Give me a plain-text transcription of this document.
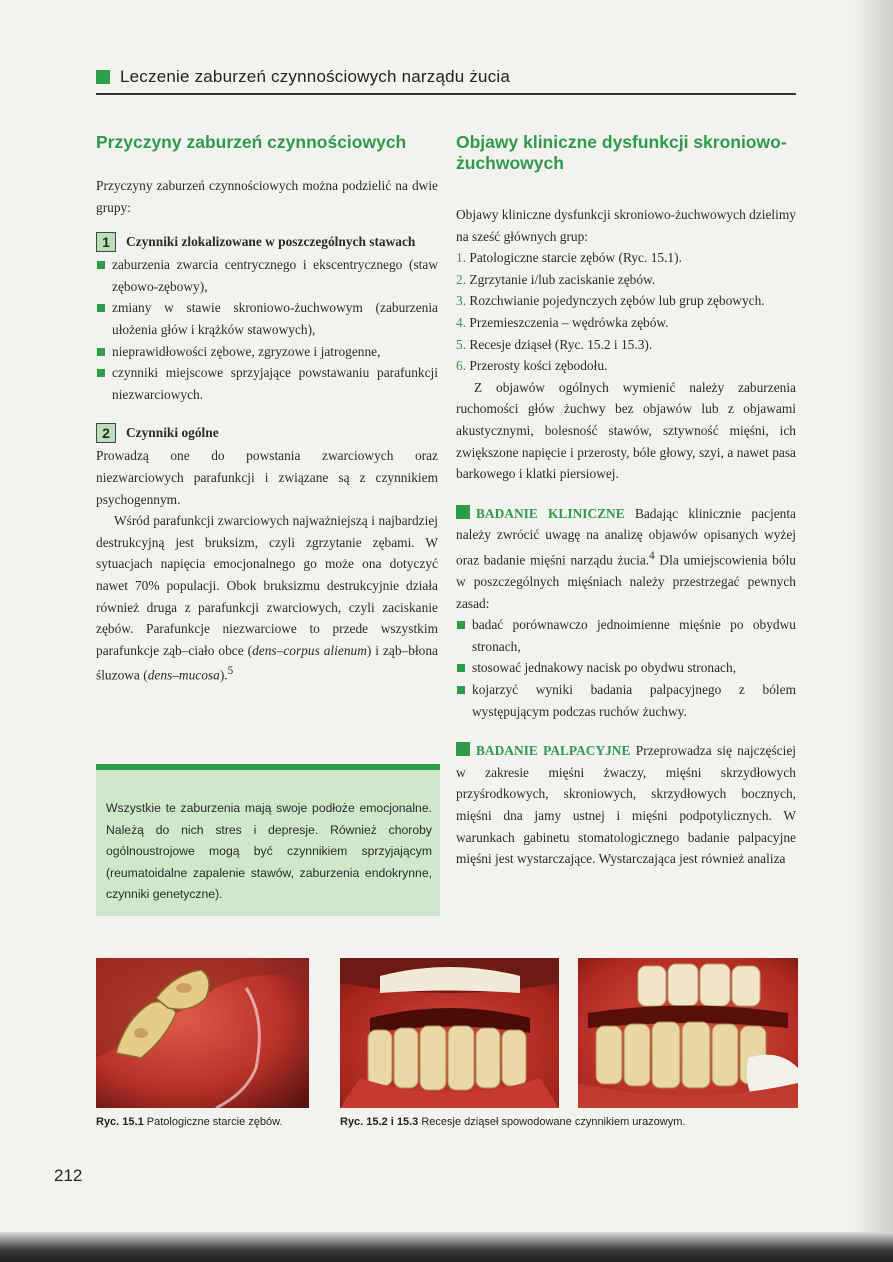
Leczenie zaburzeń czynnościowych narządu żucia
Przyczyny zaburzeń czynnościowych

Przyczyny zaburzeń czynnościowych można podzielić na dwie grupy:

1	Czynniki zlokalizowane w poszczególnych stawach
zaburzenia zwarcia centrycznego i ekscentrycznego (staw zębowo-zębowy),
zmiany w stawie skroniowo-żuchwowym (zaburzenia ułożenia głów i krążków stawowych),
nieprawidłowości zębowe, zgryzowe i jatrogenne,
czynniki miejscowe sprzyjające powstawaniu parafunkcji niezwarciowych.
2	Czynniki ogólne

Prowadzą one do powstania zwarciowych oraz niezwarciowych parafunkcji i związane są z czynnikiem psychogennym.

Wśród parafunkcji zwarciowych najważniejszą i najbardziej destrukcyjną jest bruksizm, czyli zgrzytanie zębami. W sytuacjach napięcia emocjonalnego go może ona dotyczyć nawet 70% populacji. Obok bruksizmu destrukcyjnie działa również druga z parafunkcji zwarciowych, czyli zaciskanie zębów. Parafunkcje niezwarciowe to przede wszystkim parafunkcje ząb–ciało obce (dens–corpus alienum) i ząb–błona śluzowa (dens–mucosa).$^5$

Wszystkie te zaburzenia mają swoje podłoże emocjonalne. Należą do nich stres i depresje. Również choroby ogólnoustrojowe mogą być czynnikiem sprzyjającym (reumatoidalne zapalenie stawów, zaburzenia endokrynne, czynniki genetyczne).

Objawy kliniczne dysfunkcji skroniowo-żuchwowych

Objawy kliniczne dysfunkcji skroniowo-żuchwowych dzielimy na sześć głównych grup:

1. Patologiczne starcie zębów (Ryc. 15.1).
2. Zgrzytanie i/lub zaciskanie zębów.
3. Rozchwianie pojedynczych zębów lub grup zębowych.
4. Przemieszczenia – wędrówka zębów.
5. Recesje dziąseł (Ryc. 15.2 i 15.3).
6. Przerosty kości zębodołu.

Z objawów ogólnych wymienić należy zaburzenia ruchomości głów żuchwy bez objawów lub z objawami akustycznymi, bolesność stawów, sztywność mięśni, ich zwiększone napięcie i przerosty, bóle głowy, szyi, a nawet pasa barkowego i klatki piersiowej.

BADANIE KLINICZNE Badając klinicznie pacjenta należy zwrócić uwagę na analizę objawów opisanych wyżej oraz badanie mięśni narządu żucia.$^4$ Dla umiejscowienia bólu w poszczególnych mięśniach należy przestrzegać pewnych zasad:

badać porównawczo jednoimienne mięśnie po obydwu stronach,
stosować jednakowy nacisk po obydwu stronach,
kojarzyć wyniki badania palpacyjnego z bólem występującym podczas ruchów żuchwy.

BADANIE PALPACYJNE Przeprowadza się najczęściej w zakresie mięśni żwaczy, mięśni skrzydłowych przyśrodkowych, skroniowych, skrzydłowych bocznych, mięśni dna jamy ustnej i mięśni podpotylicznych. W warunkach gabinetu stomatologicznego badanie palpacyjne mięśni jest wystarczające. Wystarczająca jest również analiza

Ryc. 15.1 Patologiczne starcie zębów.	Ryc. 15.2 i 15.3 Recesje dziąseł spowodowane czynnikiem urazowym.
212
